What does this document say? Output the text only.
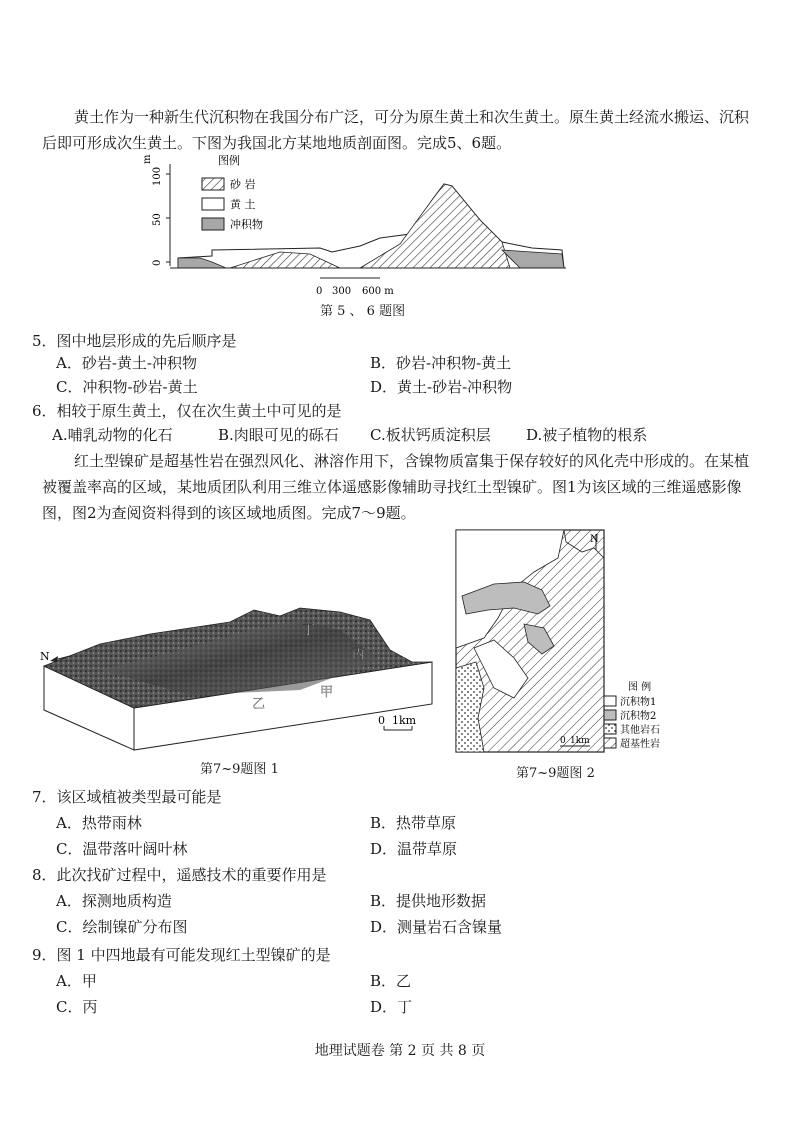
黄土作为一种新生代沉积物在我国分布广泛，可分为原生黄土和次生黄土。原生黄土经流水搬运、沉积后即可形成次生黄土。下图为我国北方某地地质剖面图。完成5、6题。
m
100
50
0
图例
砂 岩
黄 土
冲积物
0 300 600 m
第 5 、 6 题图
5．图中地层形成的先后顺序是
A．砂岩-黄土-冲积物	B．砂岩-冲积物-黄土
C．冲积物-砂岩-黄土	D．黄土-砂岩-冲积物
6．相较于原生黄土，仅在次生黄土中可见的是
A.哺乳动物的化石	B.肉眼可见的砾石 C.板状钙质淀积层 D.被子植物的根系
红土型镍矿是超基性岩在强烈风化、淋溶作用下，含镍物质富集于保存较好的风化壳中形成的。在某植被覆盖率高的区域，某地质团队利用三维立体遥感影像辅助寻找红土型镍矿。图1为该区域的三维遥感影像图，图2为查阅资料得到的该区域地质图。完成7～9题。
N
丁
丙
甲
乙
0 1km
第7~9题图 1
N
0 1km
图 例
沉积物1
沉积物2
其他岩石
超基性岩
第7~9题图 2
7．该区域植被类型最可能是
A．热带雨林	B．热带草原
C．温带落叶阔叶林	D．温带草原
8．此次找矿过程中，遥感技术的重要作用是
A．探测地质构造	B．提供地形数据
C．绘制镍矿分布图	D．测量岩石含镍量
9．图 1 中四地最有可能发现红土型镍矿的是
A．甲	B．乙
C．丙	D．丁
地理试题卷 第 2 页 共 8 页
